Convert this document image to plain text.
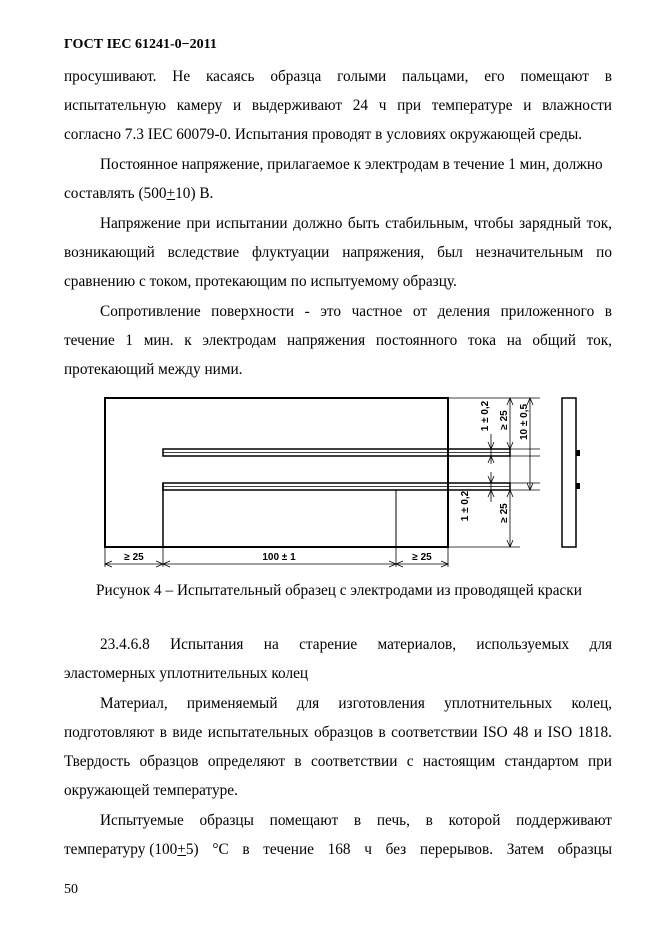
ГОСТ IEC 61241-0−2011
просушивают. Не касаясь образца голыми пальцами, его помещают в
испытательную камеру и выдерживают 24 ч при температуре и влажности
согласно 7.3 IEC 60079-0. Испытания проводят в условиях окружающей среды.
Постоянное напряжение, прилагаемое к электродам в течение 1 мин, должно
составлять (500+10) В.
Напряжение при испытании должно быть стабильным, чтобы зарядный ток,
возникающий вследствие флуктуации напряжения, был незначительным по
сравнению с током, протекающим по испытуемому образцу.
Сопротивление поверхности - это частное от деления приложенного в
течение 1 мин. к электродам напряжения постоянного тока на общий ток,
протекающий между ними.
1 ± 0,2 ≥ 25 10 ± 0,5
1 ± 0,2	≥ 25
≥ 25	100 ± 1	≥ 25
Рисунок 4 – Испытательный образец с электродами из проводящей краски
23.4.6.8 Испытания на старение материалов, используемых для
эластомерных уплотнительных колец
Материал, применяемый для изготовления уплотнительных колец,
подготовляют в виде испытательных образцов в соответствии ISO 48 и ISO 1818.
Твердость образцов определяют в соответствии с настоящим стандартом при
окружающей температуре.
Испытуемые образцы помещают в печь, в которой поддерживают
температуру (100+ 5) °C в течение 168 ч без перерывов. Затем образцы
50
